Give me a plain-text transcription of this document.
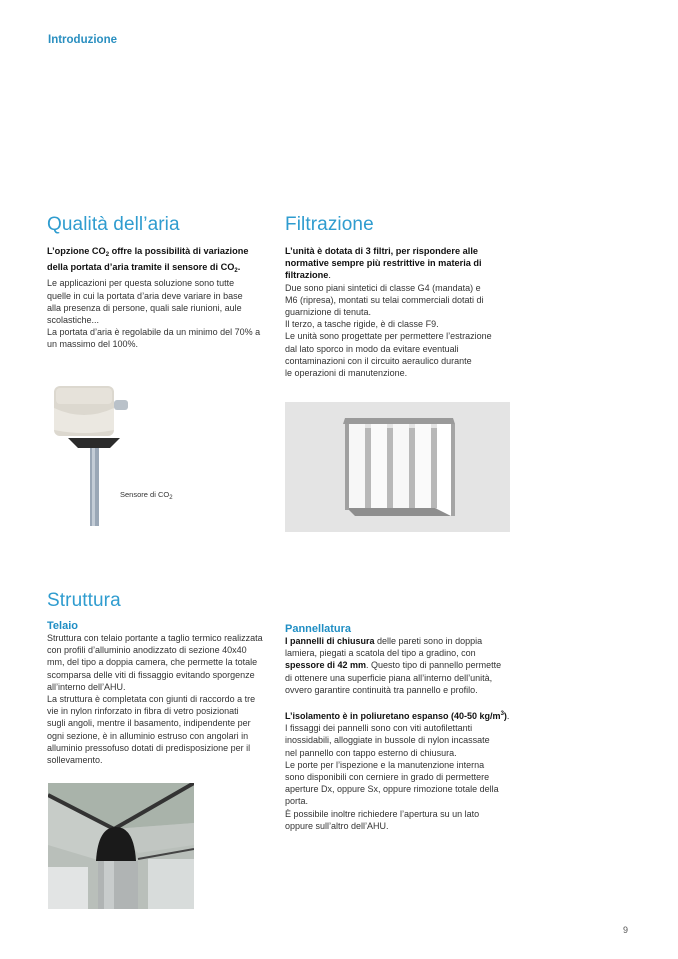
Introduzione
Qualità dell’aria

L’opzione $CO_2$ offre la possibilità di variazione

della portata d’aria tramite il sensore di $CO_2$.

Le applicazioni per questa soluzione sono tutte

quelle in cui la portata d’aria deve variare in base

alla presenza di persone, quali sale riunioni, aule

scolastiche...

La portata d’aria è regolabile da un minimo del 70% a

un massimo del 100%.

Sensore di $CO_2$
Filtrazione

L’unità è dotata di 3 filtri, per rispondere alle

normative sempre più restrittive in materia di

filtrazione.

Due sono piani sintetici di classe G4 (mandata) e

M6 (ripresa), montati su telai commerciali dotati di

guarnizione di tenuta.

Il terzo, a tasche rigide, è di classe F9.

Le unità sono progettate per permettere l’estrazione

dal lato sporco in modo da evitare eventuali

contaminazioni con il circuito aeraulico durante

le operazioni di manutenzione.

Struttura
Telaio

Struttura con telaio portante a taglio termico realizzata

con profili d’alluminio anodizzato di sezione 40x40

mm, del tipo a doppia camera, che permette la totale

scomparsa delle viti di fissaggio evitando sporgenze

all’interno dell’AHU.

La struttura è completata con giunti di raccordo a tre

vie in nylon rinforzato in fibra di vetro posizionati

sugli angoli, mentre il basamento, indipendente per

ogni sezione, è in alluminio estruso con angolari in

alluminio pressofuso dotati di predisposizione per il

sollevamento.

Pannellatura

I pannelli di chiusura delle pareti sono in doppia

lamiera, piegati a scatola del tipo a gradino, con

spessore di 42 mm. Questo tipo di pannello permette

di ottenere una superficie piana all’interno dell’unità,

ovvero garantire continuità tra pannello e profilo.

L’isolamento è in poliuretano espanso (40-50 $kg/m^3$).

I fissaggi dei pannelli sono con viti autofilettanti

inossidabili, alloggiate in bussole di nylon incassate

nel pannello con tappo esterno di chiusura.

Le porte per l’ispezione e la manutenzione interna

sono disponibili con cerniere in grado di permettere

aperture Dx, oppure Sx, oppure rimozione totale della

porta.

È possibile inoltre richiedere l’apertura su un lato

oppure sull’altro dell’AHU.

9
